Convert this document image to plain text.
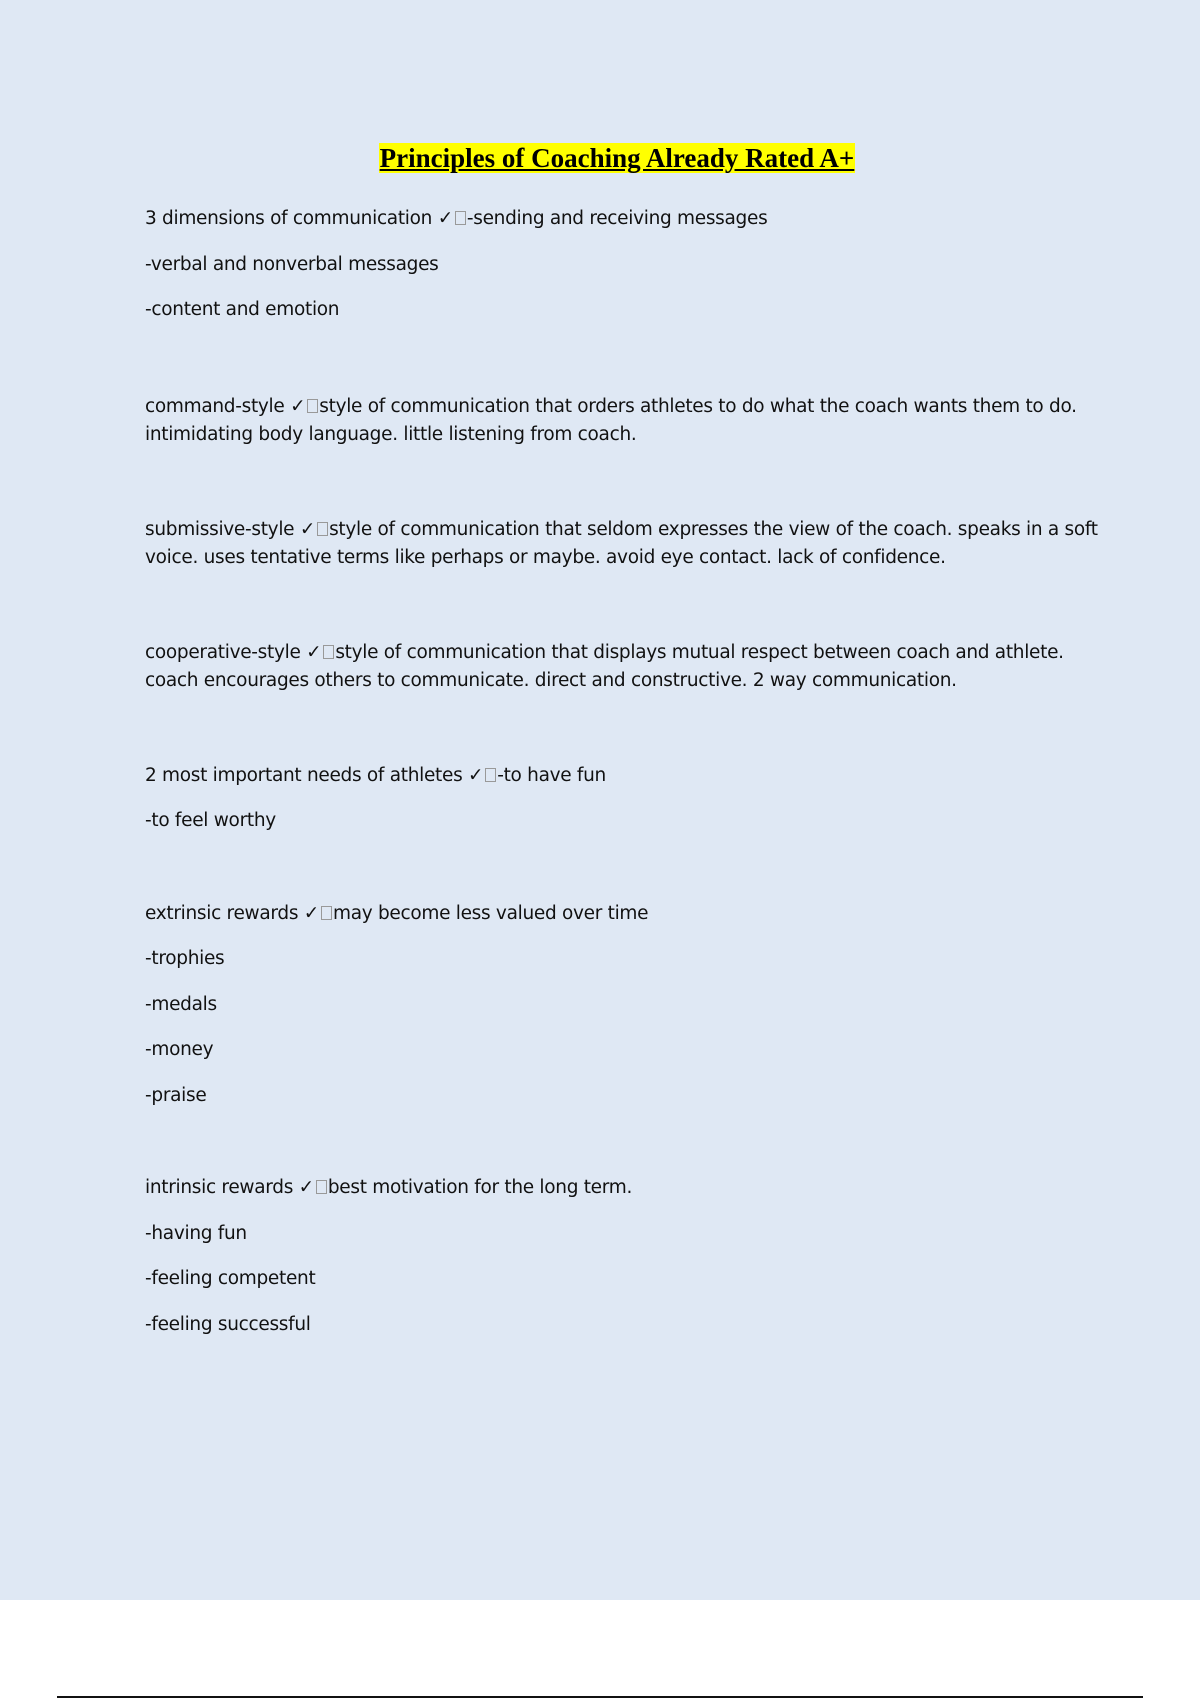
Principles of Coaching Already Rated A+
3 dimensions of communication ✓ -sending and receiving messages
-verbal and nonverbal messages
-content and emotion
command-style ✓ style of communication that orders athletes to do what the coach wants them to do. intimidating body language. little listening from coach.
submissive-style ✓ style of communication that seldom expresses the view of the coach. speaks in a soft voice. uses tentative terms like perhaps or maybe. avoid eye contact. lack of confidence.
cooperative-style ✓ style of communication that displays mutual respect between coach and athlete. coach encourages others to communicate. direct and constructive. 2 way communication.
2 most important needs of athletes ✓ -to have fun
-to feel worthy
extrinsic rewards ✓ may become less valued over time
-trophies
-medals
-money
-praise
intrinsic rewards ✓ best motivation for the long term.
-having fun
-feeling competent
-feeling successful
